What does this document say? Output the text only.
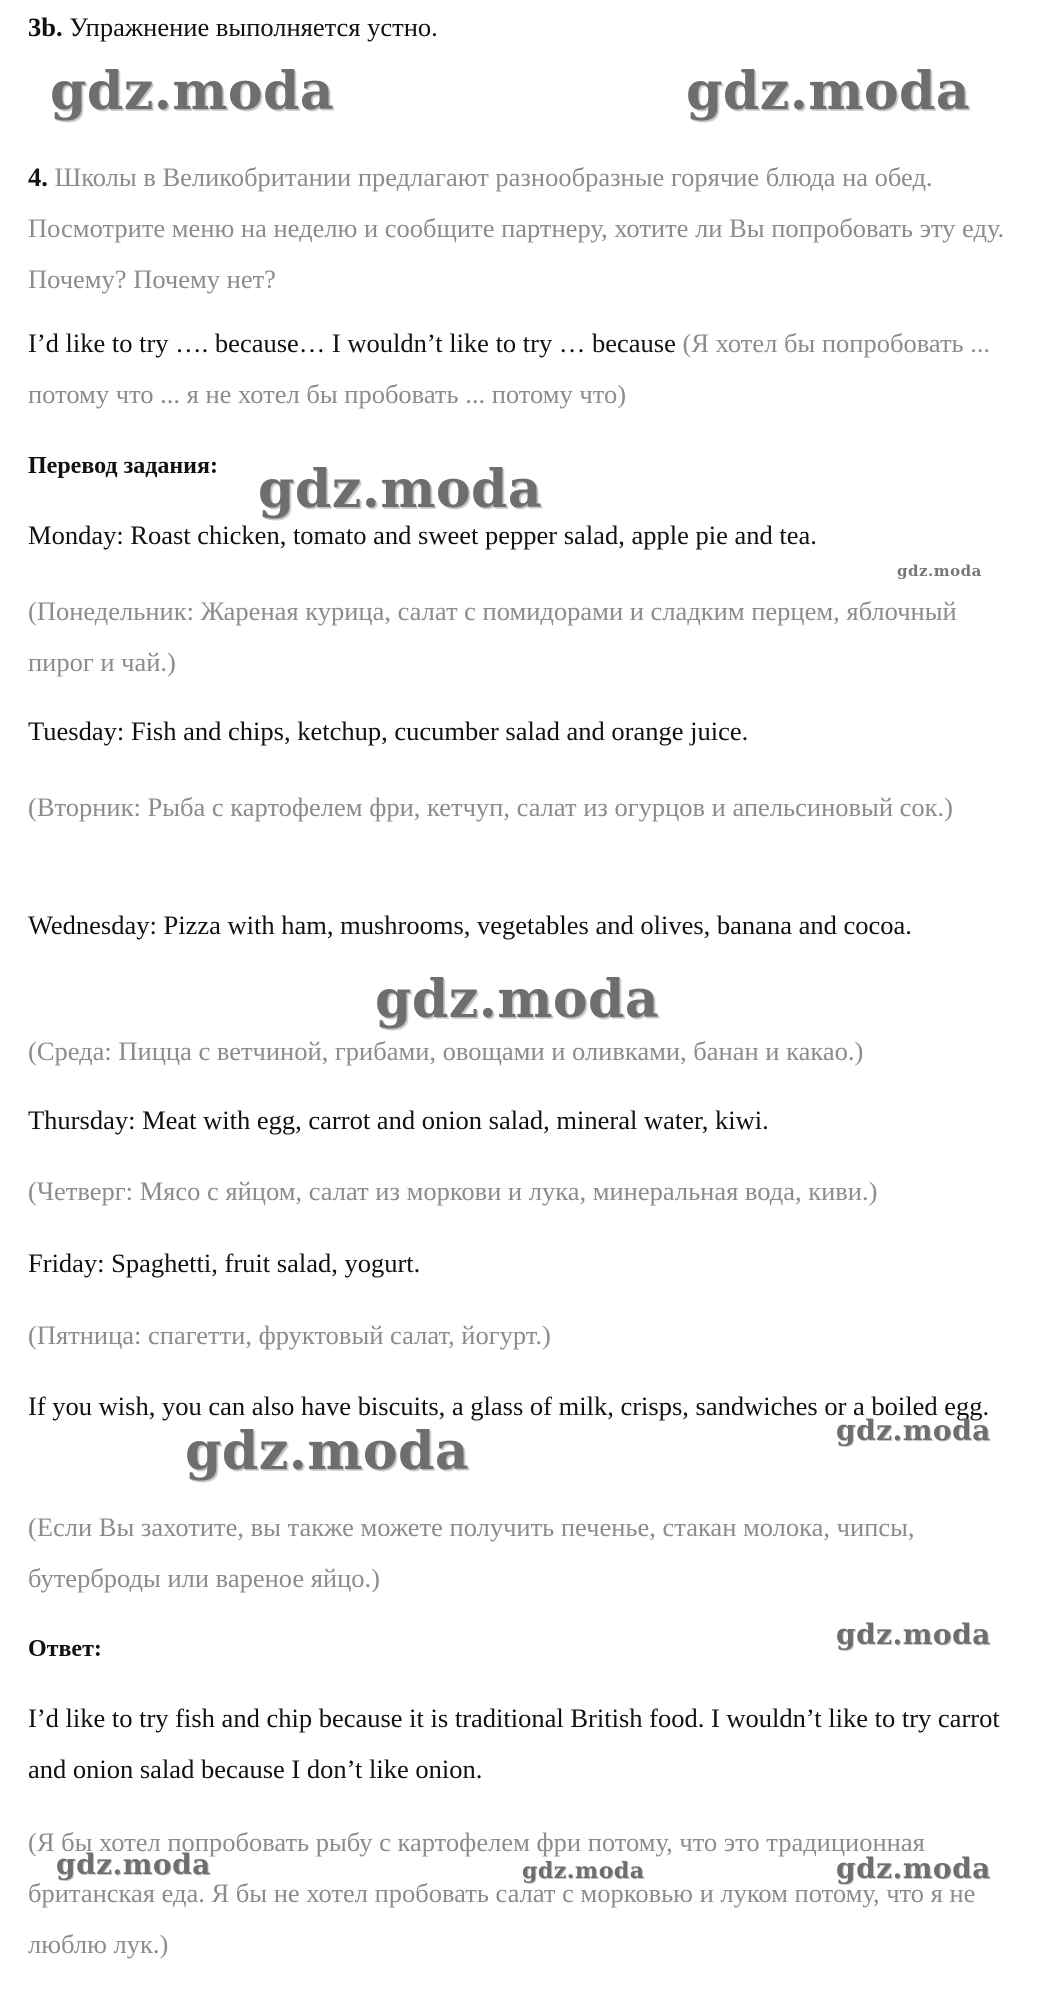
3b. Упражнение выполняется устно.

4. Школы в Великобритании предлагают разнообразные горячие блюда на обед. Посмотрите меню на неделю и сообщите партнеру, хотите ли Вы попробовать эту еду. Почему? Почему нет?

I’d like to try …. because… I wouldn’t like to try … because (Я хотел бы попробовать ... потому что ... я не хотел бы пробовать ... потому что)

Перевод задания:

Monday: Roast chicken, tomato and sweet pepper salad, apple pie and tea.

(Понедельник: Жареная курица, салат с помидорами и сладким перцем, яблочный пирог и чай.)

Tuesday: Fish and chips, ketchup, cucumber salad and orange juice.

(Вторник: Рыба с картофелем фри, кетчуп, салат из огурцов и апельсиновый сок.)

Wednesday: Pizza with ham, mushrooms, vegetables and olives, banana and cocoa.

(Среда: Пицца с ветчиной, грибами, овощами и оливками, банан и какао.)

Thursday: Meat with egg, carrot and onion salad, mineral water, kiwi.

(Четверг: Мясо с яйцом, салат из моркови и лука, минеральная вода, киви.)

Friday: Spaghetti, fruit salad, yogurt.

(Пятница: спагетти, фруктовый салат, йогурт.)

If you wish, you can also have biscuits, a glass of milk, crisps, sandwiches or a boiled egg.

(Если Вы захотите, вы также можете получить печенье, стакан молока, чипсы, бутерброды или вареное яйцо.)

Ответ:

I’d like to try fish and chip because it is traditional British food. I wouldn’t like to try carrot and onion salad because I don’t like onion.

(Я бы хотел попробовать рыбу с картофелем фри потому, что это традиционная британская еда. Я бы не хотел пробовать салат с морковью и луком потому, что я не люблю лук.)

gdz.moda	gdz.moda
gdz.moda
gdz.moda
gdz.moda
gdz.moda
gdz.moda
gdz.moda
gdz.moda	gdz.moda	gdz.moda
